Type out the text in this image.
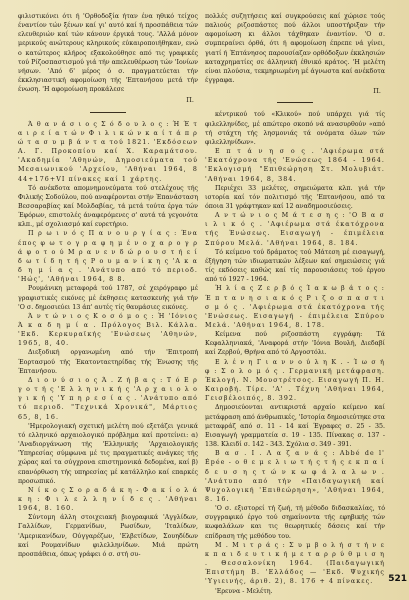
φιλιστικόνει ότι ή 'Ορθοδοξία ήταν ένα ηθικό τείχος έναντίον τών ξένων καί γι' αυτό καί ή προσπάθεια τών ελευθεριών καί τών κάνουν έργικά τους. 'Αλλά μόνον μερικούς ανώτερους κληρικούς εύκαιροποιήθηκαν, ενώ ο κατώτερος κλήρος εξακολούθησε από τις γραφικές τού Ρίζοσπαστισμού γιά τήν απελευθέρωση τών 'Ιονίων νήσων. 'Από 6' μέρος ό σ. πραγματεύεται τήν έκκλησιαστική αφομοίωση τής 'Επτανήσου μετά τήν ένωση. 'Η αφομοίωση προκάλεσε

Π.

Ά θ α ν ά σ ι ο ς Σ ό δ ο υ λ ο ς : Ή Έ τ α ι ρ ε ί α τ ώ ν Φ ι λ ι κ ώ ν κ α ί τ ά π ρ ώ τ α σ υ μ β ά ν τ α τού 1821. 'Εκδόσεων Α. Γ. Προκοπίου καί Χ. Καραμάτσου. 'Ακαδημία 'Αθηνών, Δημοσιεύματα τού Μεσαιωνικού 'Αρχείου, 'Αθήναι 1964, 8 44+176+VI πίνακες καί 1 χάρτης.

Τό ανέκδοτα απομνημονεύματα τού στελέχους τής Φιλικής Σοδούλου, πού αναφέρονται στήν Έπανάσταση Βεσσαραβίας καί Μολδαβίας, τά μετά τούτα έργα τών Έφόρων, επιστολές άναφερόμενες σ' αυτά τά γεγονότα κλπ., μέ σχολιασμό καί ευρετήριο.

Π ρ ω ι ν ό ς Π α ν ο υ ρ γ ί α ς : Ένα έπος φ ω τ ο γ ρ α φ η μ έ ν ο χ α ρ ο γ ρ ά φ ο τ ο ύ Μ ρ α ν ε ν δ ώ ρ ο υ σ τ ή ε ί δ ω τ ί δ η τ ή ς Ρ ο υ μ α ν ί κ η ς 'Α κ α δ η μ ί α ς . 'Ανάτυπο από τό περιοδ. 'Ηώς', 'Αθήναι 1964, 8 8.

Ρουμάνικη μεταφορά τού 1787, σέ χειρόγραφο μέ γραφιστικές εικόνες μέ έκθησεις κατασκευής γιά τήν 'Ο σ. δημοσιεύει 13 άπ' αυτές τίς θαυμάσιες εικόνες.

Ά ν τ ώ ν ι ο ς Κ ο σ ό μ ο ς : Ή 'Ιόνιος Ά κ α δ η μ ί α . Πρόλογος Βιλ. Κάλλα. 'Εκδ. Κερκυραϊκής 'Ενώσεως 'Αθηνών, 1965, 8, 40.

Διεξοδική οργανωμένη από τήν 'Επιτροπή Έορτασμού τής Έκατονταετηρίδας τής Ένωσης τής Έπτανήσου.

Δ ι ο ν ύ σ ι ο ς Ά . Ζ ή β α ς : Τ ό Ε ρ γ ο τ ή ς 'Ε λ λ η ν ι κ ή ς 'Α ρ χ α ι ο λ ο γ ι κ ή ς 'Υ π η ρ ε σ ί α ς . 'Ανάτυπο από τό περιοδ. "Τεχνικά Χρονικά", Μάρτιος 65, 8, 16.

'Ημερολογιακή σχετική μελέτη πού εξετάζει γενικά τό ελληνικό αρχαιολογικό πρόβλημα καί προτείνει: α) 'Αναδιοργάνωση τής 'Ελληνικής 'Αρχαιολογικής 'Υπηρεσίας σύμφωνα μέ τις πραγματικές ανάγκες τής χώρας καί τα σύγχρονα επιστημονικά δεδομένα, καί β) επανόρθωση τής υπηρεσίας μέ κατάλληλο καί επαρκές προσωπικό.

Ν ί κ ο ς Σ ο ρ α δ ά κ η - Φ α κ ί ο λ ά κ η : Φ ι λ ε λ λ η ν ί δ ε ς . 'Αθήναι 1964, 8. 160.

Σύντομη άλλη στοιχειακή βιογραφικά 'Αγγλίδων, Γαλλίδων, Γερμανίδων, Ρωσίδων, 'Ιταλίδων, 'Αμερικανίδων, Ούγγαρέζων, 'Ελβετίδων, Σουηδίδων καί Ρουμανίδων φιλελληνίδων. Μιά πρώτη προσπάθεια, όπως γράφει ό σ. στή συ-

πολλές συζητήσεις καί συγκρούσεις καί χώρισε τούς παλιούς ριζοσπάστες πού άλλοι υποστήριξαν τήν αφομοίωση κι άλλοι τάχθηκαν έναντίον. 'Ο σ. συμπεραίνει όρθά, ότι ή αφομοίωση έπρεπε νά γίνει, γιατί ή Έπτάνησος παρουσίαζαν ορθόδοξων έκκλησιών καταχρηματίες σε άλληνική έθνικό κράτος. 'Η μελέτη είναι πλούσια, τεκμηριωμένη μέ άγνωστα καί ανέκδοτα έγγραφα.

Π.

κέντρικού τού «Κλικού» πού υπάρχει γιά τίς φιλελληνίδες, μέ απώτερο σκοπό νά ανασυρθούν «από τή στάχτη τής λησμονιάς τά ονόματα όλων τών φιλελληνίδων».

Ε π τ ά ν η σ ο ς . 'Αφιέρωμα στά 'Εκατόχρονα τής 'Ενώσεως 1864 - 1964. 'Εκλογισμή "Επιθεώρηση Στ. Μολυβιάτ. 'Αθήναι 1964, 8, 384.

Περιέχει 33 μελέτες, σημειώματα κλπ. γιά τήν ιστορία καί τόν πολιτισμό τής 'Επτανήσου, από τα όποια 31 γράφτηκαν καί 12 αναδημοσιεύσεις.

Α ν τ ώ ν ι ο ς Μ ά τ ε σ η ς : 'Ο Β α σ ι λ ι κ ό ς . 'Αφιέρωμα στά έκατόχρονα τής Ένώσεως. Εισαγωγή - έπιμέλεια Σπύρου Μελά. 'Αθήναι 1964, 8. 184.

Τό κείμενο τού δράματος τού Μάτεση μέ εισαγωγή, έξήγηση τών ιδιωματικών λέξεων καί σημειώσεις γιά τίς εκδόσεις καθώς καί τίς παρουσιάσεις τού έργου από τό 1927 - 1964.

Ή λ ί α ς Ζ ε ρ β ό ς Ί α κ ω β ά τ ο ς : Έ π τ α ν η σ ι α κ ό ς Ρ ι ζ ο σ π α σ τ ι σ μ ό ς . 'Αφιέρωμα στά έκατόχρονα τής 'Ενώσεως. Εισαγωγή - έπιμέλεια Σπύρου Μελά. 'Αθήναι 1964, 8. 178.

Κείμενα πού ριζοσπάστη εγγράφη: Τά Κεφαλληνιακά, 'Αναφορά στήν 'Ιόνια Βουλή, Διεδαβί καί Ζερβού, Θρήνα από τό Αργοστόλι.

Ε λ έ ν η Γ ι α ν ν ο ύ λ η Κ . - Ί ω σ ή φ : Σ ο λ ο μ ό ς . Γερμανική μετάφραση. Έκλογή. Ν. Μουστρέτσος. Εισαγωγή Π. Η. Καιροβή. Τίρε. 'Α' . Τέχνη 'Αθήναι 1964, Γεισβέλοιπός, 8. 392.

Δημοσιεύονται αντικριστά αρχαίο κείμενο καί μετάφραση από άνθρωπικές, 'Ιστορία δημοσιεύτηκε στα μεταφράζ από σ. 11 - 14 καί Έγραφες σ. 25 - 35. Εισαγωγή γραμματεία σ. 19 - 135. Πίνακας σ. 137 - 138. Κλειδί σ. 142 - 343. Σχόλια σ. 349 - 391.

Β α σ . Ι . Λ α ζ α ν ά ς : Abbé de l' Épée - ο θ ε μ ε λ ι ω τ ή ς τ ή ς ε κ π α ί δ ε υ σ η ς τ ώ ν κ ω φ ά λ α λ ω ν . 'Ανάτυπο από τήν «Παιδαγωγική καί Ψυχολογική 'Επιθεώρηση», 'Αθήναι 1964, 8. 16.

'Ο σ. εξιστορεί τή ζωή, τή μέθοδο διδασκαλίας, τό συγγραφικό έργο τού σημαίνοντα τής εφηβικής τών κωφαλάλων και τις θεωρητικές δάσεις καί τήν επίδραση τής μεθόδου του.

Μ . Μ ι τ ρ ά ς : Σ υ μ β ο λ ή σ τ ή ν ε κ π α ι δ ε υ τ ι κ ή μ ε τ α ρ ρ ύ θ μ ι σ η . Θεσσαλονίκη 1964. (Παιδαγωγική Έπιστήμη Β. 'Ελλάδος — 'Εκδ. Ψυχικής 'Υγιεινής, άριθ. 2), 8. 176 + 4 πίνακες.

'Ερευνα - Μελέτη.

521
